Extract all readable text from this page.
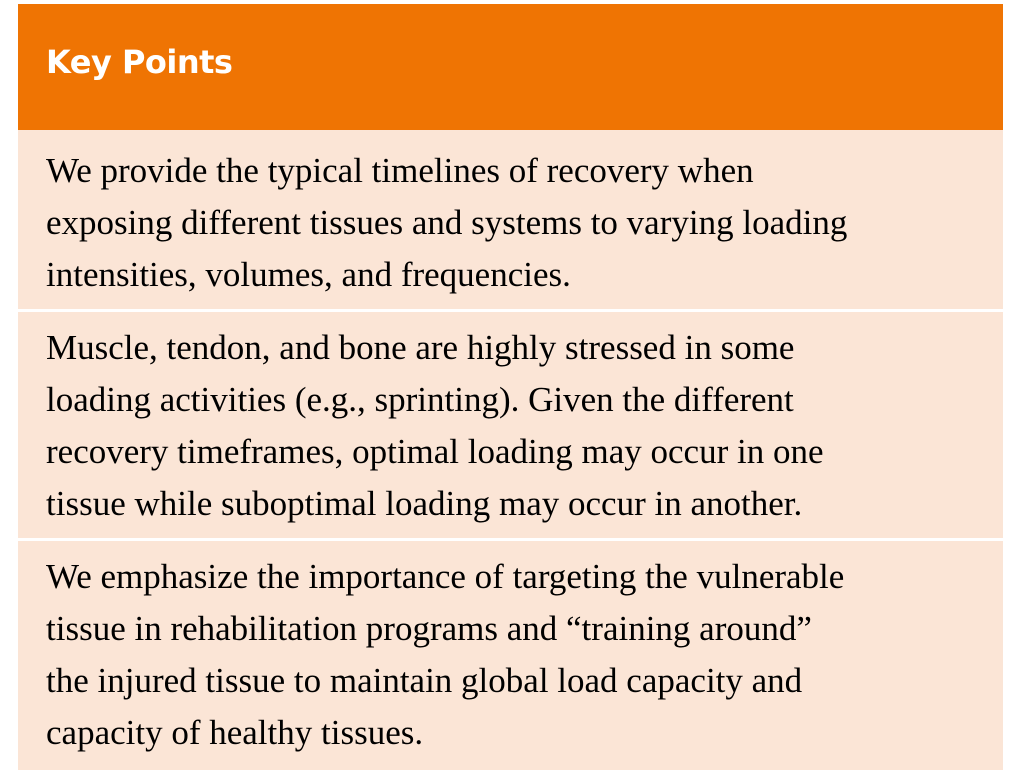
Key Points

We provide the typical timelines of recovery when
exposing different tissues and systems to varying loading
intensities, volumes, and frequencies.

Muscle, tendon, and bone are highly stressed in some
loading activities (e.g., sprinting). Given the different
recovery timeframes, optimal loading may occur in one
tissue while suboptimal loading may occur in another.

We emphasize the importance of targeting the vulnerable
tissue in rehabilitation programs and “training around”
the injured tissue to maintain global load capacity and
capacity of healthy tissues.
